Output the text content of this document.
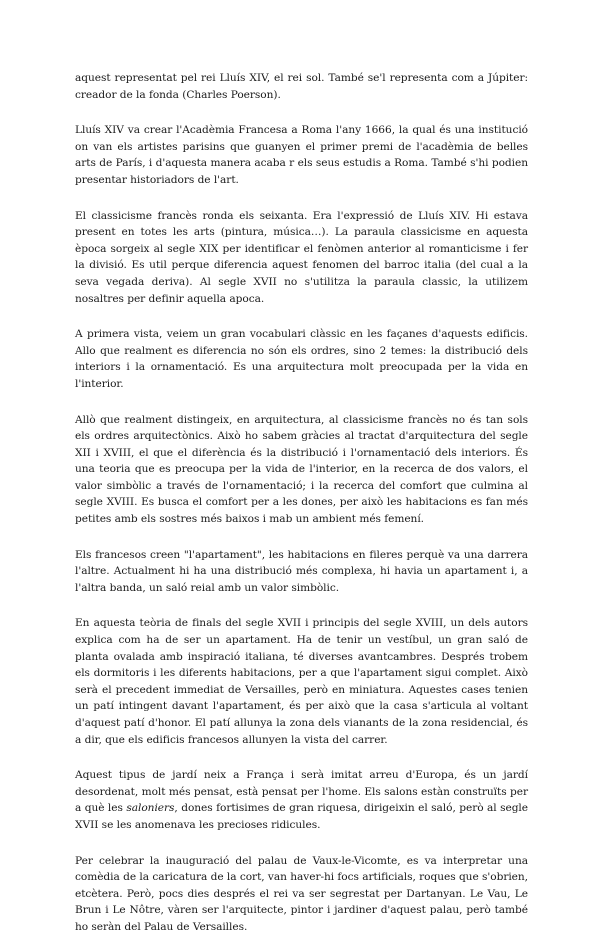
aquest representat pel rei Lluís XIV, el rei sol. També se'l representa com a Júpiter: creador de la fonda (Charles Poerson).

Lluís XIV va crear l'Acadèmia Francesa a Roma l'any 1666, la qual és una institució on van els artistes parisins que guanyen el primer premi de l'acadèmia de belles arts de París, i d'aquesta manera acaba r els seus estudis a Roma. També s'hi podien presentar historiadors de l'art.

El classicisme francès ronda els seixanta. Era l'expressió de Lluís XIV. Hi estava present en totes les arts (pintura, música…). La paraula classicisme en aquesta època sorgeix al segle XIX per identificar el fenòmen anterior al romanticisme i fer la divisió. Es util perque diferencia aquest fenomen del barroc italia (del cual a la seva vegada deriva). Al segle XVII no s'utilitza la paraula classic, la utilizem nosaltres per definir aquella apoca.

A primera vista, veiem un gran vocabulari clàssic en les façanes d'aquests edificis. Allo que realment es diferencia no són els ordres, sino 2 temes: la distribució dels interiors i la ornamentació. Es una arquitectura molt preocupada per la vida en l'interior.

Allò que realment distingeix, en arquitectura, al classicisme francès no és tan sols els ordres arquitectònics. Això ho sabem gràcies al tractat d'arquitectura del segle XII i XVIII, el que el diferència és la distribució i l'ornamentació dels interiors. És una teoria que es preocupa per la vida de l'interior, en la recerca de dos valors, el valor simbòlic a través de l'ornamentació; i la recerca del comfort que culmina al segle XVIII. Es busca el comfort per a les dones, per això les habitacions es fan més petites amb els sostres més baixos i mab un ambient més femení.

Els francesos creen "l'apartament", les habitacions en fileres perquè va una darrera l'altre. Actualment hi ha una distribució més complexa, hi havia un apartament i, a l'altra banda, un saló reial amb un valor simbòlic.

En aquesta teòria de finals del segle XVII i principis del segle XVIII, un dels autors explica com ha de ser un apartament. Ha de tenir un vestíbul, un gran saló de planta ovalada amb inspiració italiana, té diverses avantcambres. Després trobem els dormitoris i les diferents habitacions, per a que l'apartament sigui complet. Això serà el precedent immediat de Versailles, però en miniatura. Aquestes cases tenien un patí intingent davant l'apartament, és per això que la casa s'articula al voltant d'aquest patí d'honor. El patí allunya la zona dels vianants de la zona residencial, és a dir, que els edificis francesos allunyen la vista del carrer.

Aquest tipus de jardí neix a França i serà imitat arreu d'Europa, és un jardí desordenat, molt més pensat, està pensat per l'home. Els salons estàn construïts per a què les saloniers, dones fortisimes de gran riquesa, dirigeixin el saló, però al segle XVII se les anomenava les precioses ridicules.

Per celebrar la inauguració del palau de Vaux-le-Vicomte, es va interpretar una comèdia de la caricatura de la cort, van haver-hi focs artificials, roques que s'obrien, etcètera. Però, pocs dies després el rei va ser segrestat per Dartanyan. Le Vau, Le Brun i Le Nôtre, vàren ser l'arquitecte, pintor i jardiner d'aquest palau, però també ho seràn del Palau de Versailles.
